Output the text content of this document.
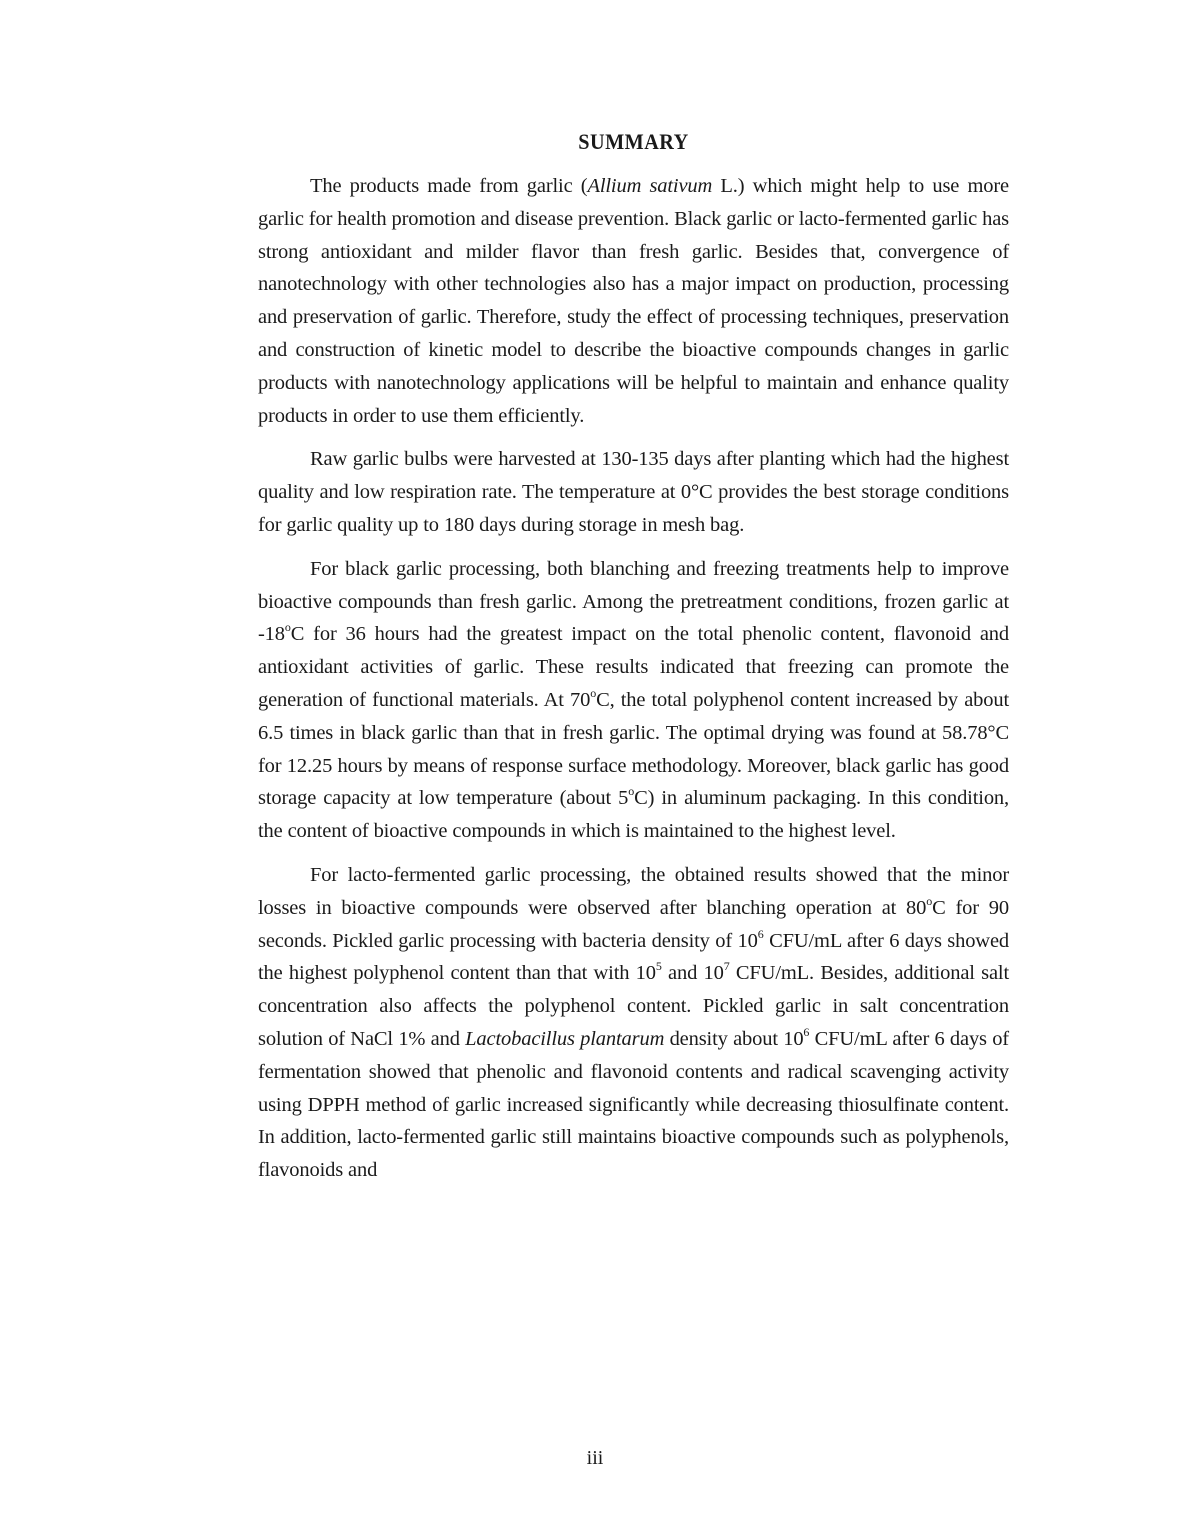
SUMMARY

The products made from garlic (Allium sativum L.) which might help to use more garlic for health promotion and disease prevention. Black garlic or lacto-fermented garlic has strong antioxidant and milder flavor than fresh garlic. Besides that, convergence of nanotechnology with other technologies also has a major impact on production, processing and preservation of garlic. Therefore, study the effect of processing techniques, preservation and construction of kinetic model to describe the bioactive compounds changes in garlic products with nanotechnology applications will be helpful to maintain and enhance quality products in order to use them efficiently.

Raw garlic bulbs were harvested at 130-135 days after planting which had the highest quality and low respiration rate. The temperature at 0°C provides the best storage conditions for garlic quality up to 180 days during storage in mesh bag.

For black garlic processing, both blanching and freezing treatments help to improve bioactive compounds than fresh garlic. Among the pretreatment conditions, frozen garlic at -18$^o$C for 36 hours had the greatest impact on the total phenolic content, flavonoid and antioxidant activities of garlic. These results indicated that freezing can promote the generation of functional materials. At 70$^o$C, the total polyphenol content increased by about 6.5 times in black garlic than that in fresh garlic. The optimal drying was found at 58.78°C for 12.25 hours by means of response surface methodology. Moreover, black garlic has good storage capacity at low temperature (about 5$^o$C) in aluminum packaging. In this condition, the content of bioactive compounds in which is maintained to the highest level.

For lacto-fermented garlic processing, the obtained results showed that the minor losses in bioactive compounds were observed after blanching operation at 80$^o$C for 90 seconds. Pickled garlic processing with bacteria density of $10^6$ CFU/mL after 6 days showed the highest polyphenol content than that with $10^5$ and $10^7$ CFU/mL. Besides, additional salt concentration also affects the polyphenol content. Pickled garlic in salt concentration solution of NaCl 1% and Lactobacillus plantarum density about $10^6$ CFU/mL after 6 days of fermentation showed that phenolic and flavonoid contents and radical scavenging activity using DPPH method of garlic increased significantly while decreasing thiosulfinate content. In addition, lacto-fermented garlic still maintains bioactive compounds such as polyphenols, flavonoids and

iii
